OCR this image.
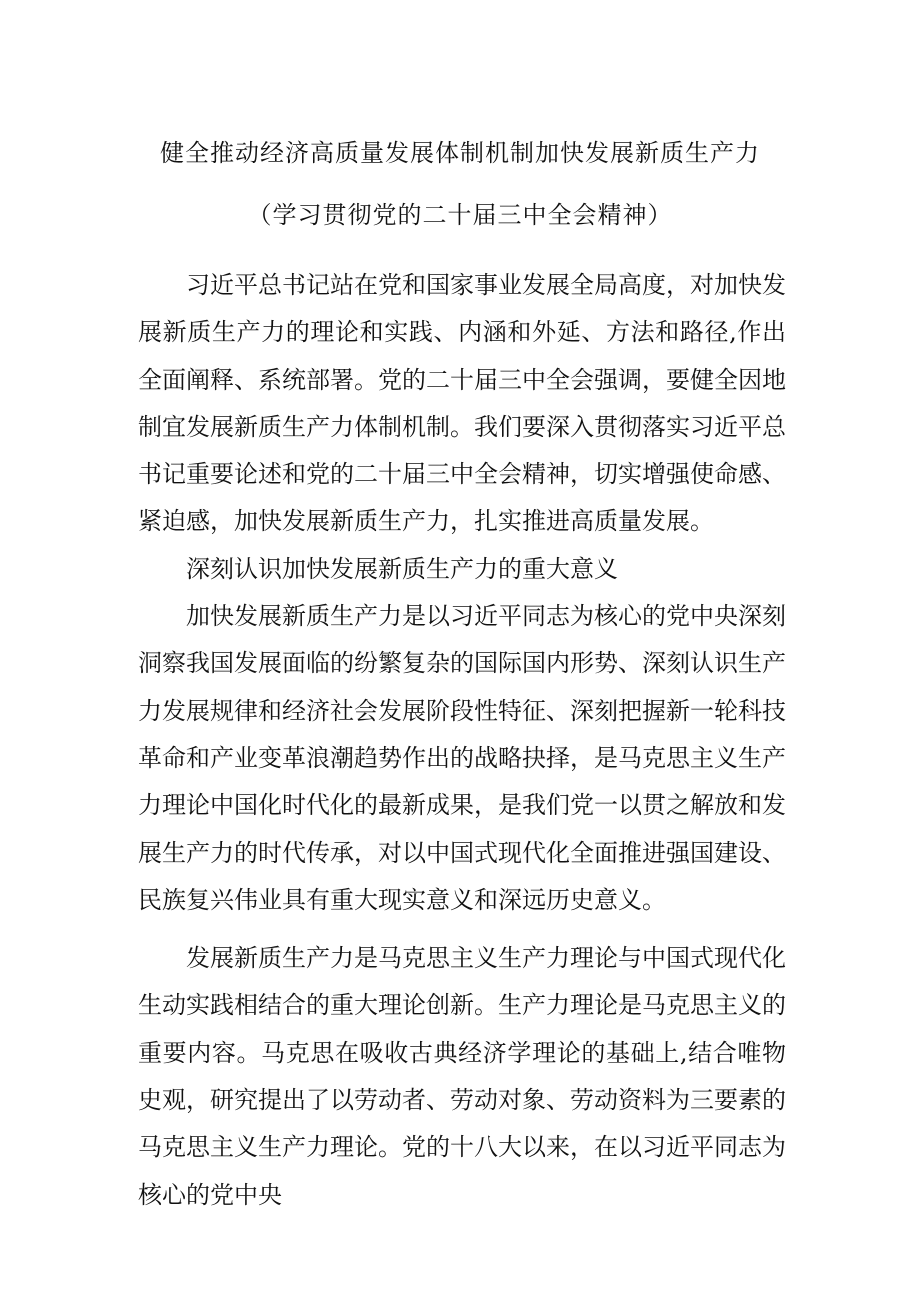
健全推动经济高质量发展体制机制加快发展新质生产力
（学习贯彻党的二十届三中全会精神）

习近平总书记站在党和国家事业发展全局高度，对加快发展新质生产力的理论和实践、内涵和外延、方法和路径,作出全面阐释、系统部署。党的二十届三中全会强调，要健全因地制宜发展新质生产力体制机制。我们要深入贯彻落实习近平总书记重要论述和党的二十届三中全会精神，切实增强使命感、紧迫感，加快发展新质生产力，扎实推进高质量发展。

深刻认识加快发展新质生产力的重大意义

加快发展新质生产力是以习近平同志为核心的党中央深刻洞察我国发展面临的纷繁复杂的国际国内形势、深刻认识生产力发展规律和经济社会发展阶段性特征、深刻把握新一轮科技革命和产业变革浪潮趋势作出的战略抉择，是马克思主义生产力理论中国化时代化的最新成果，是我们党一以贯之解放和发展生产力的时代传承，对以中国式现代化全面推进强国建设、民族复兴伟业具有重大现实意义和深远历史意义。

发展新质生产力是马克思主义生产力理论与中国式现代化生动实践相结合的重大理论创新。生产力理论是马克思主义的重要内容。马克思在吸收古典经济学理论的基础上,结合唯物史观，研究提出了以劳动者、劳动对象、劳动资料为三要素的马克思主义生产力理论。党的十八大以来，在以习近平同志为核心的党中央
